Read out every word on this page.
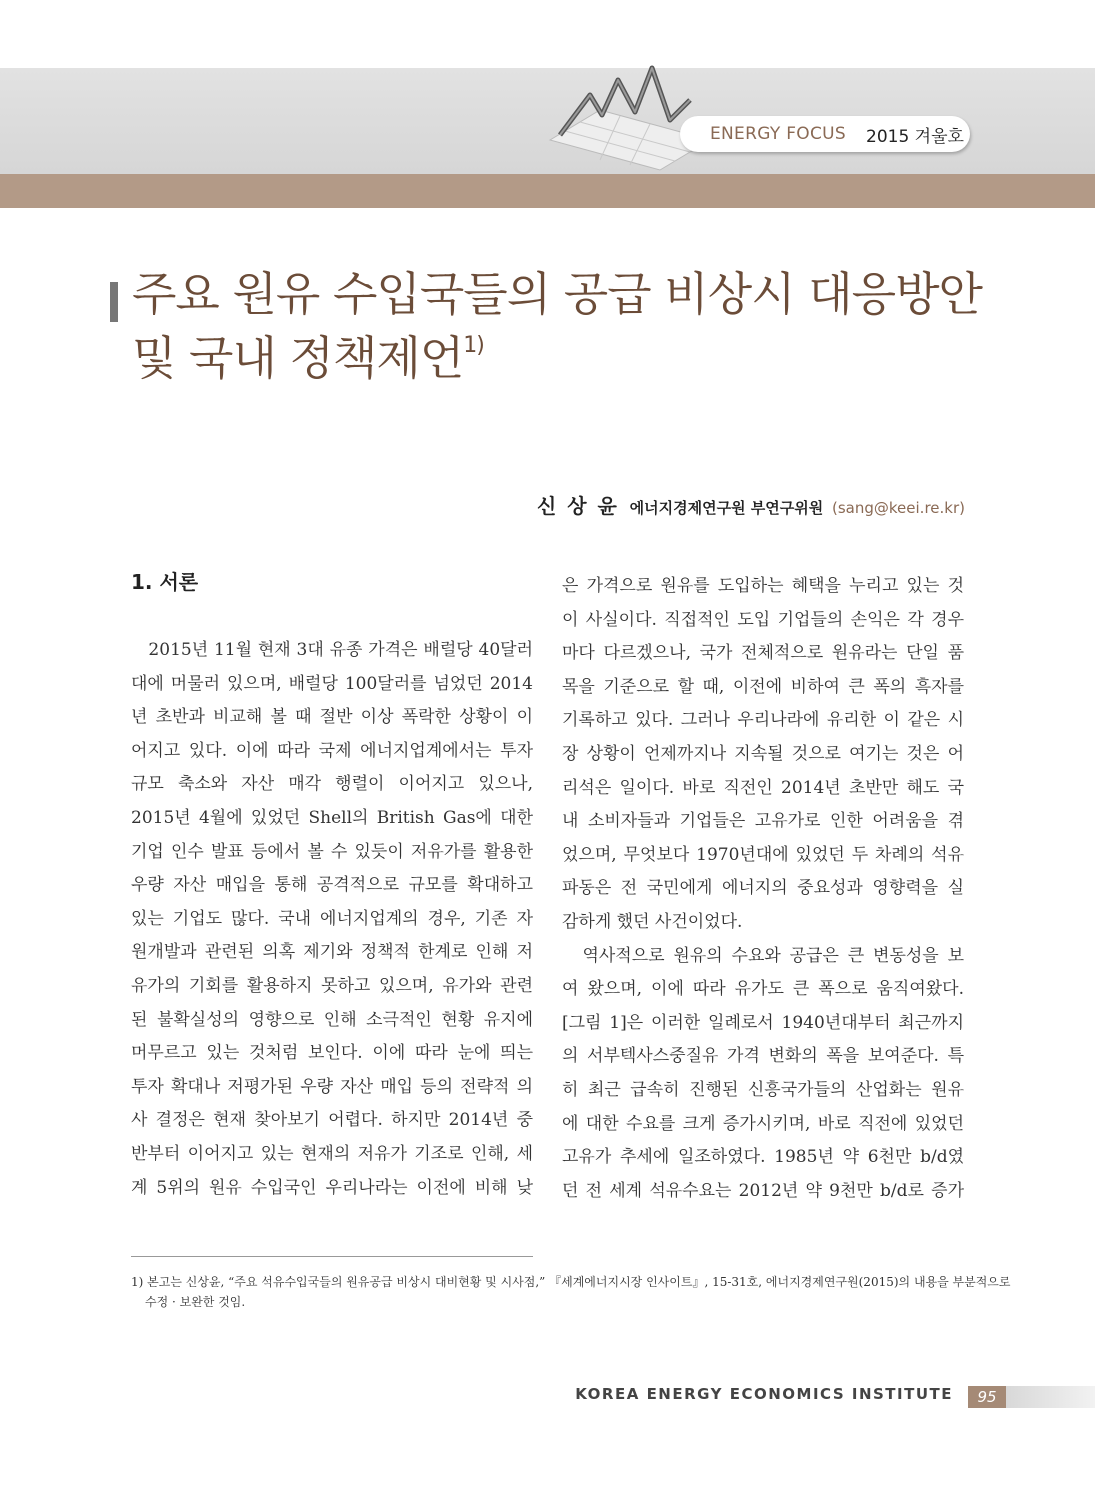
ENERGY FOCUS 2015 겨울호
주요 원유 수입국들의 공급 비상시 대응방안
및 국내 정책제언$^{1)}$
신 상 윤 에너지경제연구원 부연구위원 (sang@keei.re.kr)
1. 서론

　2015년 11월 현재 3대 유종 가격은 배럴당 40달러

대에 머물러 있으며, 배럴당 100달러를 넘었던 2014

년 초반과 비교해 볼 때 절반 이상 폭락한 상황이 이

어지고 있다. 이에 따라 국제 에너지업계에서는 투자

규모 축소와 자산 매각 행렬이 이어지고 있으나,

2015년 4월에 있었던 Shell의 British Gas에 대한

기업 인수 발표 등에서 볼 수 있듯이 저유가를 활용한

우량 자산 매입을 통해 공격적으로 규모를 확대하고

있는 기업도 많다. 국내 에너지업계의 경우, 기존 자

원개발과 관련된 의혹 제기와 정책적 한계로 인해 저

유가의 기회를 활용하지 못하고 있으며, 유가와 관련

된 불확실성의 영향으로 인해 소극적인 현황 유지에

머무르고 있는 것처럼 보인다. 이에 따라 눈에 띄는

투자 확대나 저평가된 우량 자산 매입 등의 전략적 의

사 결정은 현재 찾아보기 어렵다. 하지만 2014년 중

반부터 이어지고 있는 현재의 저유가 기조로 인해, 세

계 5위의 원유 수입국인 우리나라는 이전에 비해 낮

은 가격으로 원유를 도입하는 혜택을 누리고 있는 것

이 사실이다. 직접적인 도입 기업들의 손익은 각 경우

마다 다르겠으나, 국가 전체적으로 원유라는 단일 품

목을 기준으로 할 때, 이전에 비하여 큰 폭의 흑자를

기록하고 있다. 그러나 우리나라에 유리한 이 같은 시

장 상황이 언제까지나 지속될 것으로 여기는 것은 어

리석은 일이다. 바로 직전인 2014년 초반만 해도 국

내 소비자들과 기업들은 고유가로 인한 어려움을 겪

었으며, 무엇보다 1970년대에 있었던 두 차례의 석유

파동은 전 국민에게 에너지의 중요성과 영향력을 실

감하게 했던 사건이었다.

　역사적으로 원유의 수요와 공급은 큰 변동성을 보

여 왔으며, 이에 따라 유가도 큰 폭으로 움직여왔다.

[그림 1]은 이러한 일례로서 1940년대부터 최근까지

의 서부텍사스중질유 가격 변화의 폭을 보여준다. 특

히 최근 급속히 진행된 신흥국가들의 산업화는 원유

에 대한 수요를 크게 증가시키며, 바로 직전에 있었던

고유가 추세에 일조하였다. 1985년 약 6천만 b/d였

던 전 세계 석유수요는 2012년 약 9천만 b/d로 증가

1) 본고는 신상윤, “주요 석유수입국들의 원유공급 비상시 대비현황 및 시사점,” 『세계에너지시장 인사이트』, 15-31호, 에너지경제연구원(2015)의 내용을 부분적으로
수정 · 보완한 것임.
KOREA ENERGY ECONOMICS INSTITUTE	95
